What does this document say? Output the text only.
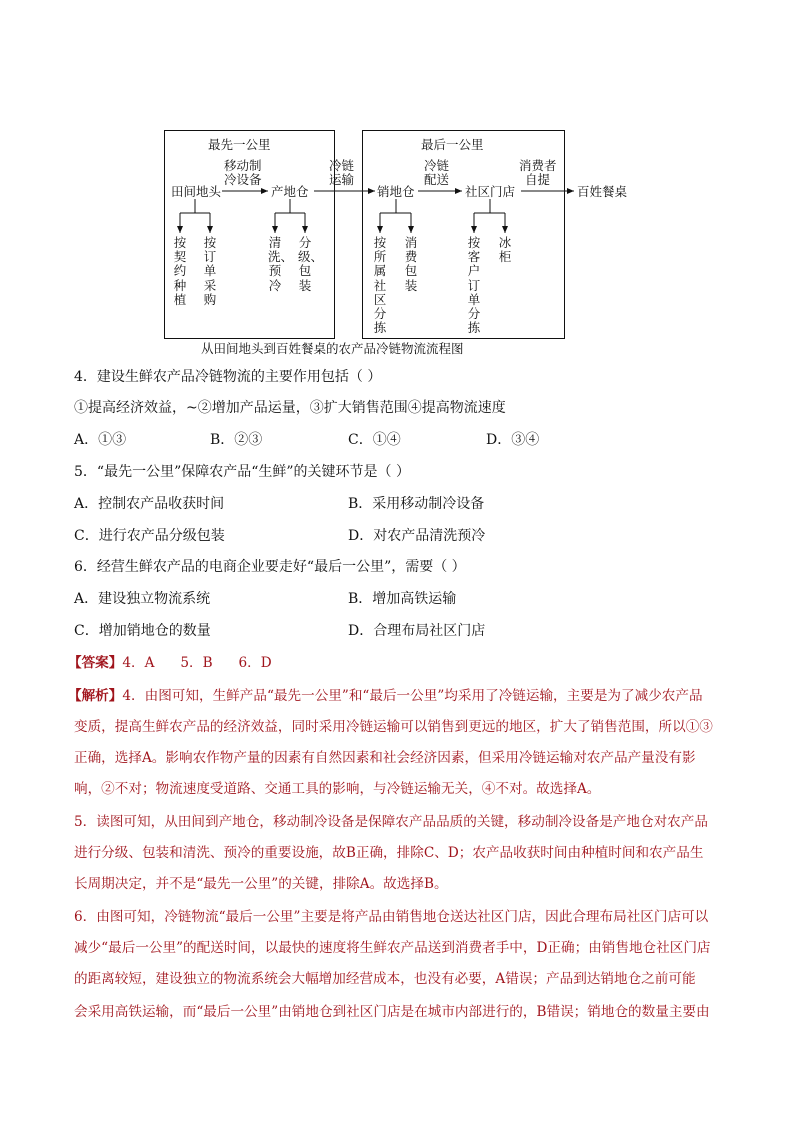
最先一公里	最后一公里
移动制
冷设备
田间地头	产地仓
冷链
运输
销地仓
冷链
配送
社区门店
消费者
自提
百姓餐桌
按契约种植
按订单采购
清洗、预冷
分级、包装
按所属社区分拣
消费包装
按客户订单分拣
冰柜
从田间地头到百姓餐桌的农产品冷链物流流程图
4．建设生鲜农产品冷链物流的主要作用包括（ ）
①提高经济效益，~②增加产品运量，③扩大销售范围④提高物流速度
A．①③	B．②③	C．①④	D．③④
5．“最先一公里”保障农产品“生鲜”的关键环节是（ ）
A．控制农产品收获时间	B．采用移动制冷设备
C．进行农产品分级包装	D．对农产品清洗预冷
6．经营生鲜农产品的电商企业要走好“最后一公里”，需要（ ）
A．建设独立物流系统	B．增加高铁运输
C．增加销地仓的数量	D．合理布局社区门店
【答案】4．A      5．B      6．D
【解析】4．由图可知，生鲜产品“最先一公里”和“最后一公里”均采用了冷链运输，主要是为了减少农产品
变质，提高生鲜农产品的经济效益，同时采用冷链运输可以销售到更远的地区，扩大了销售范围，所以①③
正确，选择A。影响农作物产量的因素有自然因素和社会经济因素，但采用冷链运输对农产品产量没有影
响，②不对；物流速度受道路、交通工具的影响，与冷链运输无关，④不对。故选择A。
5．读图可知，从田间到产地仓，移动制冷设备是保障农产品品质的关键，移动制冷设备是产地仓对农产品
进行分级、包装和清洗、预冷的重要设施，故B正确，排除C、D；农产品收获时间由种植时间和农产品生
长周期决定，并不是“最先一公里”的关键，排除A。故选择B。
6．由图可知，冷链物流“最后一公里”主要是将产品由销售地仓送达社区门店，因此合理布局社区门店可以
减少“最后一公里”的配送时间，以最快的速度将生鲜农产品送到消费者手中，D正确；由销售地仓社区门店
的距离较短，建设独立的物流系统会大幅增加经营成本，也没有必要，A错误；产品到达销地仓之前可能
会采用高铁运输，而“最后一公里”由销地仓到社区门店是在城市内部进行的，B错误；销地仓的数量主要由
